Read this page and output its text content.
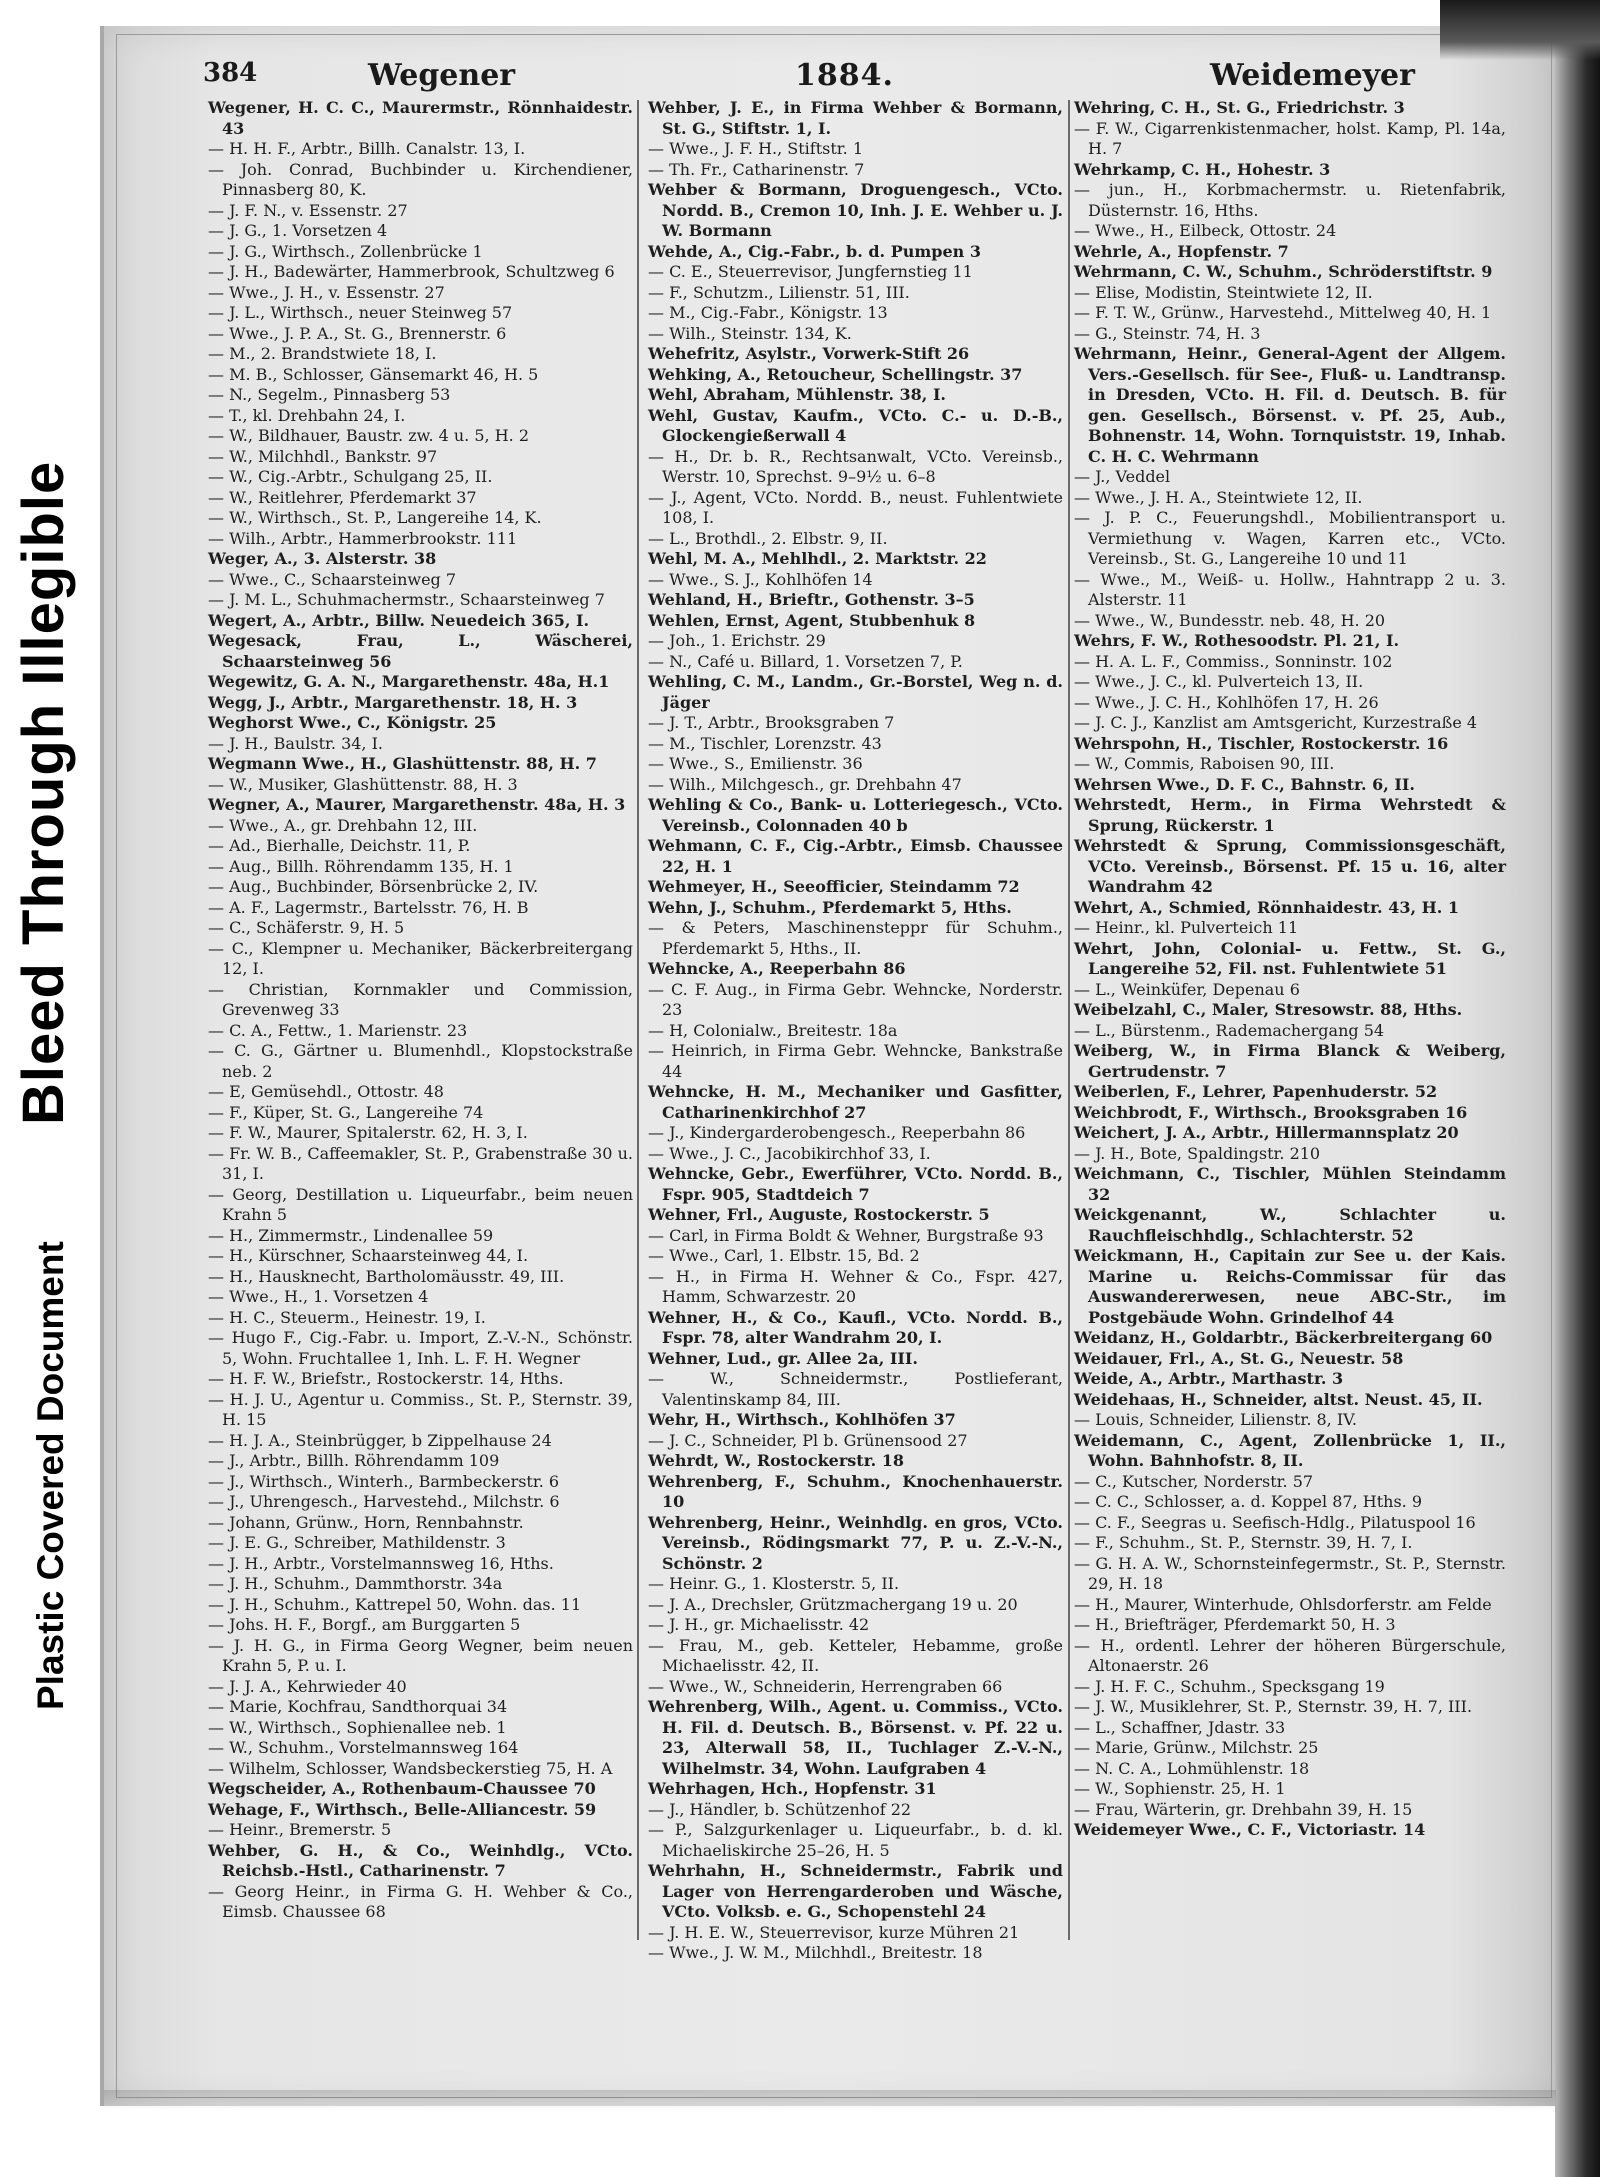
Bleed Through Illegible
Plastic Covered Document
384	Wegener	1884.	Weidemeyer
Wegener, H. C. C., Maurermstr., Rönnhaidestr. 43
— H. H. F., Arbtr., Billh. Canalstr. 13, I.
— Joh. Conrad, Buchbinder u. Kirchendiener, Pinnasberg 80, K.
— J. F. N., v. Essenstr. 27
— J. G., 1. Vorsetzen 4
— J. G., Wirthsch., Zollenbrücke 1
— J. H., Badewärter, Hammerbrook, Schultzweg 6
— Wwe., J. H., v. Essenstr. 27
— J. L., Wirthsch., neuer Steinweg 57
— Wwe., J. P. A., St. G., Brennerstr. 6
— M., 2. Brandstwiete 18, I.
— M. B., Schlosser, Gänsemarkt 46, H. 5
— N., Segelm., Pinnasberg 53
— T., kl. Drehbahn 24, I.
— W., Bildhauer, Baustr. zw. 4 u. 5, H. 2
— W., Milchhdl., Bankstr. 97
— W., Cig.-Arbtr., Schulgang 25, II.
— W., Reitlehrer, Pferdemarkt 37
— W., Wirthsch., St. P., Langereihe 14, K.
— Wilh., Arbtr., Hammerbrookstr. 111
Weger, A., 3. Alsterstr. 38
— Wwe., C., Schaarsteinweg 7
— J. M. L., Schuhmachermstr., Schaarsteinweg 7
Wegert, A., Arbtr., Billw. Neuedeich 365, I.
Wegesack, Frau, L., Wäscherei, Schaarsteinweg 56
Wegewitz, G. A. N., Margarethenstr. 48a, H.1
Wegg, J., Arbtr., Margarethenstr. 18, H. 3
Weghorst Wwe., C., Königstr. 25
— J. H., Baulstr. 34, I.
Wegmann Wwe., H., Glashüttenstr. 88, H. 7
— W., Musiker, Glashüttenstr. 88, H. 3
Wegner, A., Maurer, Margarethenstr. 48a, H. 3
— Wwe., A., gr. Drehbahn 12, III.
— Ad., Bierhalle, Deichstr. 11, P.
— Aug., Billh. Röhrendamm 135, H. 1
— Aug., Buchbinder, Börsenbrücke 2, IV.
— A. F., Lagermstr., Bartelsstr. 76, H. B
— C., Schäferstr. 9, H. 5
— C., Klempner u. Mechaniker, Bäckerbreitergang 12, I.
— Christian, Kornmakler und Commission, Grevenweg 33
— C. A., Fettw., 1. Marienstr. 23
— C. G., Gärtner u. Blumenhdl., Klopstockstraße neb. 2
— E, Gemüsehdl., Ottostr. 48
— F., Küper, St. G., Langereihe 74
— F. W., Maurer, Spitalerstr. 62, H. 3, I.
— Fr. W. B., Caffeemakler, St. P., Grabenstraße 30 u. 31, I.
— Georg, Destillation u. Liqueurfabr., beim neuen Krahn 5
— H., Zimmermstr., Lindenallee 59
— H., Kürschner, Schaarsteinweg 44, I.
— H., Hausknecht, Bartholomäusstr. 49, III.
— Wwe., H., 1. Vorsetzen 4
— H. C., Steuerm., Heinestr. 19, I.
— Hugo F., Cig.-Fabr. u. Import, Z.-V.-N., Schönstr. 5, Wohn. Fruchtallee 1, Inh. L. F. H. Wegner
— H. F. W., Briefstr., Rostockerstr. 14, Hths.
— H. J. U., Agentur u. Commiss., St. P., Sternstr. 39, H. 15
— H. J. A., Steinbrügger, b Zippelhause 24
— J., Arbtr., Billh. Röhrendamm 109
— J., Wirthsch., Winterh., Barmbeckerstr. 6
— J., Uhrengesch., Harvestehd., Milchstr. 6
— Johann, Grünw., Horn, Rennbahnstr.
— J. E. G., Schreiber, Mathildenstr. 3
— J. H., Arbtr., Vorstelmannsweg 16, Hths.
— J. H., Schuhm., Dammthorstr. 34a
— J. H., Schuhm., Kattrepel 50, Wohn. das. 11
— Johs. H. F., Borgf., am Burggarten 5
— J. H. G., in Firma Georg Wegner, beim neuen Krahn 5, P. u. I.
— J. J. A., Kehrwieder 40
— Marie, Kochfrau, Sandthorquai 34
— W., Wirthsch., Sophienallee neb. 1
— W., Schuhm., Vorstelmannsweg 164
— Wilhelm, Schlosser, Wandsbeckerstieg 75, H. A
Wegscheider, A., Rothenbaum-Chaussee 70
Wehage, F., Wirthsch., Belle-Alliancestr. 59
— Heinr., Bremerstr. 5
Wehber, G. H., & Co., Weinhdlg., VCto. Reichsb.-Hstl., Catharinenstr. 7
— Georg Heinr., in Firma G. H. Wehber & Co., Eimsb. Chaussee 68
Wehber, J. E., in Firma Wehber & Bormann, St. G., Stiftstr. 1, I.
— Wwe., J. F. H., Stiftstr. 1
— Th. Fr., Catharinenstr. 7
Wehber & Bormann, Droguengesch., VCto. Nordd. B., Cremon 10, Inh. J. E. Wehber u. J. W. Bormann
Wehde, A., Cig.-Fabr., b. d. Pumpen 3
— C. E., Steuerrevisor, Jungfernstieg 11
— F., Schutzm., Lilienstr. 51, III.
— M., Cig.-Fabr., Königstr. 13
— Wilh., Steinstr. 134, K.
Wehefritz, Asylstr., Vorwerk-Stift 26
Wehking, A., Retoucheur, Schellingstr. 37
Wehl, Abraham, Mühlenstr. 38, I.
Wehl, Gustav, Kaufm., VCto. C.- u. D.-B., Glockengießerwall 4
— H., Dr. b. R., Rechtsanwalt, VCto. Vereinsb., Werstr. 10, Sprechst. 9–9½ u. 6–8
— J., Agent, VCto. Nordd. B., neust. Fuhlentwiete 108, I.
— L., Brothdl., 2. Elbstr. 9, II.
Wehl, M. A., Mehlhdl., 2. Marktstr. 22
— Wwe., S. J., Kohlhöfen 14
Wehland, H., Brieftr., Gothenstr. 3–5
Wehlen, Ernst, Agent, Stubbenhuk 8
— Joh., 1. Erichstr. 29
— N., Café u. Billard, 1. Vorsetzen 7, P.
Wehling, C. M., Landm., Gr.-Borstel, Weg n. d. Jäger
— J. T., Arbtr., Brooksgraben 7
— M., Tischler, Lorenzstr. 43
— Wwe., S., Emilienstr. 36
— Wilh., Milchgesch., gr. Drehbahn 47
Wehling & Co., Bank- u. Lotteriegesch., VCto. Vereinsb., Colonnaden 40 b
Wehmann, C. F., Cig.-Arbtr., Eimsb. Chaussee 22, H. 1
Wehmeyer, H., Seeofficier, Steindamm 72
Wehn, J., Schuhm., Pferdemarkt 5, Hths.
— & Peters, Maschinensteppr für Schuhm., Pferdemarkt 5, Hths., II.
Wehncke, A., Reeperbahn 86
— C. F. Aug., in Firma Gebr. Wehncke, Norderstr. 23
— H, Colonialw., Breitestr. 18a
— Heinrich, in Firma Gebr. Wehncke, Bankstraße 44
Wehncke, H. M., Mechaniker und Gasfitter, Catharinenkirchhof 27
— J., Kindergarderobengesch., Reeperbahn 86
— Wwe., J. C., Jacobikirchhof 33, I.
Wehncke, Gebr., Ewerführer, VCto. Nordd. B., Fspr. 905, Stadtdeich 7
Wehner, Frl., Auguste, Rostockerstr. 5
— Carl, in Firma Boldt & Wehner, Burgstraße 93
— Wwe., Carl, 1. Elbstr. 15, Bd. 2
— H., in Firma H. Wehner & Co., Fspr. 427, Hamm, Schwarzestr. 20
Wehner, H., & Co., Kaufl., VCto. Nordd. B., Fspr. 78, alter Wandrahm 20, I.
Wehner, Lud., gr. Allee 2a, III.
— W., Schneidermstr., Postlieferant, Valentinskamp 84, III.
Wehr, H., Wirthsch., Kohlhöfen 37
— J. C., Schneider, Pl b. Grünensood 27
Wehrdt, W., Rostockerstr. 18
Wehrenberg, F., Schuhm., Knochenhauerstr. 10
Wehrenberg, Heinr., Weinhdlg. en gros, VCto. Vereinsb., Rödingsmarkt 77, P. u. Z.-V.-N., Schönstr. 2
— Heinr. G., 1. Klosterstr. 5, II.
— J. A., Drechsler, Grützmachergang 19 u. 20
— J. H., gr. Michaelisstr. 42
— Frau, M., geb. Ketteler, Hebamme, große Michaelisstr. 42, II.
— Wwe., W., Schneiderin, Herrengraben 66
Wehrenberg, Wilh., Agent. u. Commiss., VCto. H. Fil. d. Deutsch. B., Börsenst. v. Pf. 22 u. 23, Alterwall 58, II., Tuchlager Z.-V.-N., Wilhelmstr. 34, Wohn. Laufgraben 4
Wehrhagen, Hch., Hopfenstr. 31
— J., Händler, b. Schützenhof 22
— P., Salzgurkenlager u. Liqueurfabr., b. d. kl. Michaeliskirche 25–26, H. 5
Wehrhahn, H., Schneidermstr., Fabrik und Lager von Herrengarderoben und Wäsche, VCto. Volksb. e. G., Schopenstehl 24
— J. H. E. W., Steuerrevisor, kurze Mühren 21
— Wwe., J. W. M., Milchhdl., Breitestr. 18
Wehring, C. H., St. G., Friedrichstr. 3
— F. W., Cigarrenkistenmacher, holst. Kamp, Pl. 14a, H. 7
Wehrkamp, C. H., Hohestr. 3
— jun., H., Korbmachermstr. u. Rietenfabrik, Düsternstr. 16, Hths.
— Wwe., H., Eilbeck, Ottostr. 24
Wehrle, A., Hopfenstr. 7
Wehrmann, C. W., Schuhm., Schröderstiftstr. 9
— Elise, Modistin, Steintwiete 12, II.
— F. T. W., Grünw., Harvestehd., Mittelweg 40, H. 1
— G., Steinstr. 74, H. 3
Wehrmann, Heinr., General-Agent der Allgem. Vers.-Gesellsch. für See-, Fluß- u. Landtransp. in Dresden, VCto. H. Fil. d. Deutsch. B. für gen. Gesellsch., Börsenst. v. Pf. 25, Aub., Bohnenstr. 14, Wohn. Tornquiststr. 19, Inhab. C. H. C. Wehrmann
— J., Veddel
— Wwe., J. H. A., Steintwiete 12, II.
— J. P. C., Feuerungshdl., Mobilientransport u. Vermiethung v. Wagen, Karren etc., VCto. Vereinsb., St. G., Langereihe 10 und 11
— Wwe., M., Weiß- u. Hollw., Hahntrapp 2 u. 3. Alsterstr. 11
— Wwe., W., Bundesstr. neb. 48, H. 20
Wehrs, F. W., Rothesoodstr. Pl. 21, I.
— H. A. L. F., Commiss., Sonninstr. 102
— Wwe., J. C., kl. Pulverteich 13, II.
— Wwe., J. C. H., Kohlhöfen 17, H. 26
— J. C. J., Kanzlist am Amtsgericht, Kurzestraße 4
Wehrspohn, H., Tischler, Rostockerstr. 16
— W., Commis, Raboisen 90, III.
Wehrsen Wwe., D. F. C., Bahnstr. 6, II.
Wehrstedt, Herm., in Firma Wehrstedt & Sprung, Rückerstr. 1
Wehrstedt & Sprung, Commissionsgeschäft, VCto. Vereinsb., Börsenst. Pf. 15 u. 16, alter Wandrahm 42
Wehrt, A., Schmied, Rönnhaidestr. 43, H. 1
— Heinr., kl. Pulverteich 11
Wehrt, John, Colonial- u. Fettw., St. G., Langereihe 52, Fil. nst. Fuhlentwiete 51
— L., Weinküfer, Depenau 6
Weibelzahl, C., Maler, Stresowstr. 88, Hths.
— L., Bürstenm., Rademachergang 54
Weiberg, W., in Firma Blanck & Weiberg, Gertrudenstr. 7
Weiberlen, F., Lehrer, Papenhuderstr. 52
Weichbrodt, F., Wirthsch., Brooksgraben 16
Weichert, J. A., Arbtr., Hillermannsplatz 20
— J. H., Bote, Spaldingstr. 210
Weichmann, C., Tischler, Mühlen Steindamm 32
Weickgenannt, W., Schlachter u. Rauchfleischhdlg., Schlachterstr. 52
Weickmann, H., Capitain zur See u. der Kais. Marine u. Reichs-Commissar für das Auswandererwesen, neue ABC-Str., im Postgebäude Wohn. Grindelhof 44
Weidanz, H., Goldarbtr., Bäckerbreitergang 60
Weidauer, Frl., A., St. G., Neuestr. 58
Weide, A., Arbtr., Marthastr. 3
Weidehaas, H., Schneider, altst. Neust. 45, II.
— Louis, Schneider, Lilienstr. 8, IV.
Weidemann, C., Agent, Zollenbrücke 1, II., Wohn. Bahnhofstr. 8, II.
— C., Kutscher, Norderstr. 57
— C. C., Schlosser, a. d. Koppel 87, Hths. 9
— C. F., Seegras u. Seefisch-Hdlg., Pilatuspool 16
— F., Schuhm., St. P., Sternstr. 39, H. 7, I.
— G. H. A. W., Schornsteinfegermstr., St. P., Sternstr. 29, H. 18
— H., Maurer, Winterhude, Ohlsdorferstr. am Felde
— H., Briefträger, Pferdemarkt 50, H. 3
— H., ordentl. Lehrer der höheren Bürgerschule, Altonaerstr. 26
— J. H. F. C., Schuhm., Specksgang 19
— J. W., Musiklehrer, St. P., Sternstr. 39, H. 7, III.
— L., Schaffner, Jdastr. 33
— Marie, Grünw., Milchstr. 25
— N. C. A., Lohmühlenstr. 18
— W., Sophienstr. 25, H. 1
— Frau, Wärterin, gr. Drehbahn 39, H. 15
Weidemeyer Wwe., C. F., Victoriastr. 14
